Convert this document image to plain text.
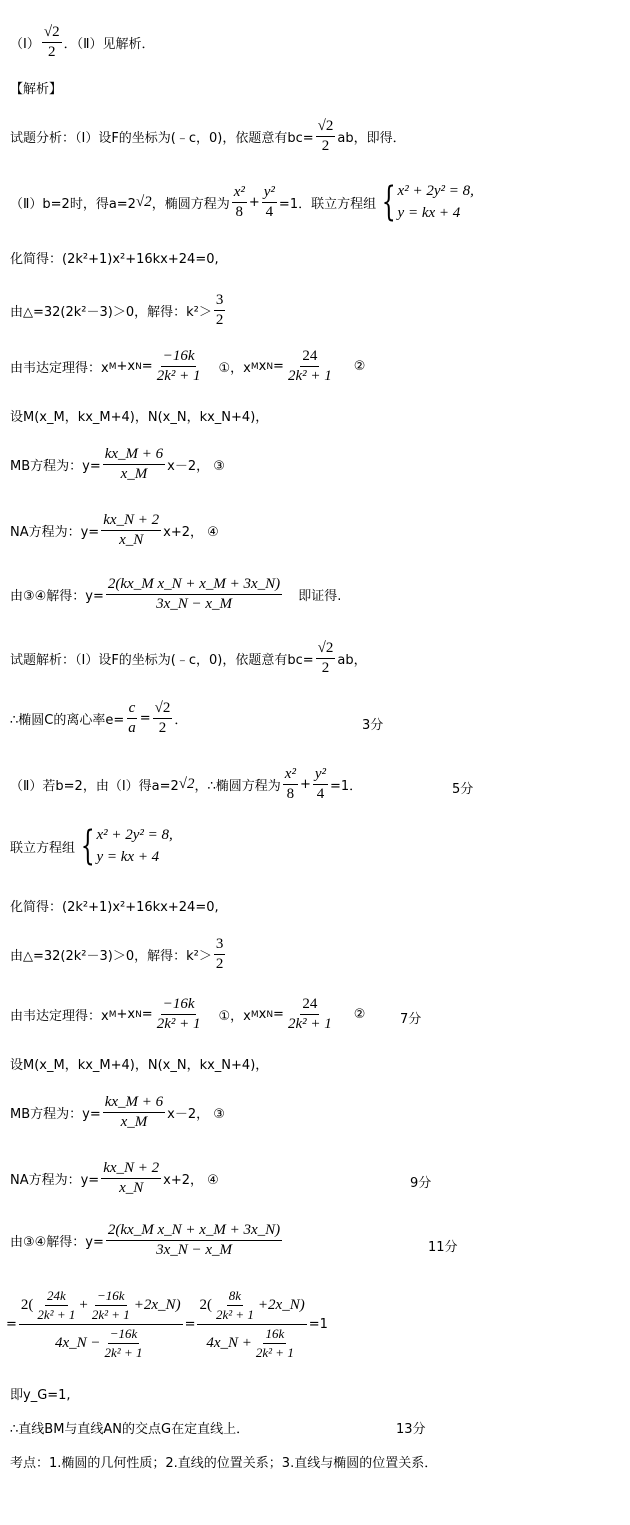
（Ⅰ） $\frac{√2}{2}$ ．（Ⅱ）见解析．
【解析】
试题分析：（Ⅰ）设F的坐标为(﹣c，0)，依题意有$bc= \frac{√2}{2}$ ab，即得．
（Ⅱ）b=2时，得a=2 √2 ，椭圆方程为 $\frac{\text{x²}}{8} + \frac{\text{y²}}{4} =1$．联立方程组 { x² + 2y² = 8,
y = kx + 4
化简得：(2k²+1)x²+16kx+24=0,
由△=32(2k²－3)＞0，解得：$k^2> \frac{3}{2}$
由韦达定理得：x M +x $N = \frac{-16k}{\text{2k² + 1}}$ ①，x M x $N = \frac{24}{\text{2k² + 1}}$ ②
设M(x_M，kx_M+4)，N(x_N，kx_N+4)，
MB方程为：$y= \frac{kx\_M + 6}{x\_M} x-2$， ③
NA方程为：$y= \frac{kx\_N + 2}{x\_N} x+2$， ④
由③④解得：$y= \frac{\text{2(kx\_M x\_N + x\_M + 3x\_N)}}{3x\_N - x\_M}$ 即证得.
试题解析：（Ⅰ）设F的坐标为(﹣c，0)，依题意有$bc= \frac{√2}{2}$ ab，
∴椭圆C的离心率$e= \frac{c}{a} = \frac{√2}{2}$ ．	3分
（Ⅱ）若b=2，由（Ⅰ）得a=2 √2 ，∴椭圆方程为 $\frac{\text{x²}}{8} + \frac{\text{y²}}{4} =1$．	5分
联立方程组 { x² + 2y² = 8,
y = kx + 4
化简得：(2k²+1)x²+16kx+24=0,
由△=32(2k²－3)＞0，解得：$k^2> \frac{3}{2}$
由韦达定理得：x M +x $N = \frac{-16k}{\text{2k² + 1}}$ ①，x M x $N = \frac{24}{\text{2k² + 1}}$ ②	7分
设M(x_M，kx_M+4)，N(x_N，kx_N+4)，
MB方程为：$y= \frac{kx\_M + 6}{x\_M} x-2$， ③
NA方程为：$y= \frac{kx\_N + 2}{x\_N} x+2$， ④	9分
由③④解得：$y= \frac{\text{2(kx\_M x\_N + x\_M + 3x\_N)}}{3x\_N - x\_M}$	11分
= $\frac{2( \frac{24k}{\text{2k² + 1}} + \frac{-16k}{\text{2k² + 1}} +2x\_N)}{4x\_N - \frac{-16k}{\text{2k² + 1}}} = \frac{2( \frac{8k}{\text{2k² + 1}} +2x\_N)}{4x\_N + \frac{16k}{\text{2k² + 1}}} =1$
即y_G=1,
∴直线BM与直线AN的交点G在定直线上．	13分
考点：1.椭圆的几何性质；2.直线的位置关系；3.直线与椭圆的位置关系．
